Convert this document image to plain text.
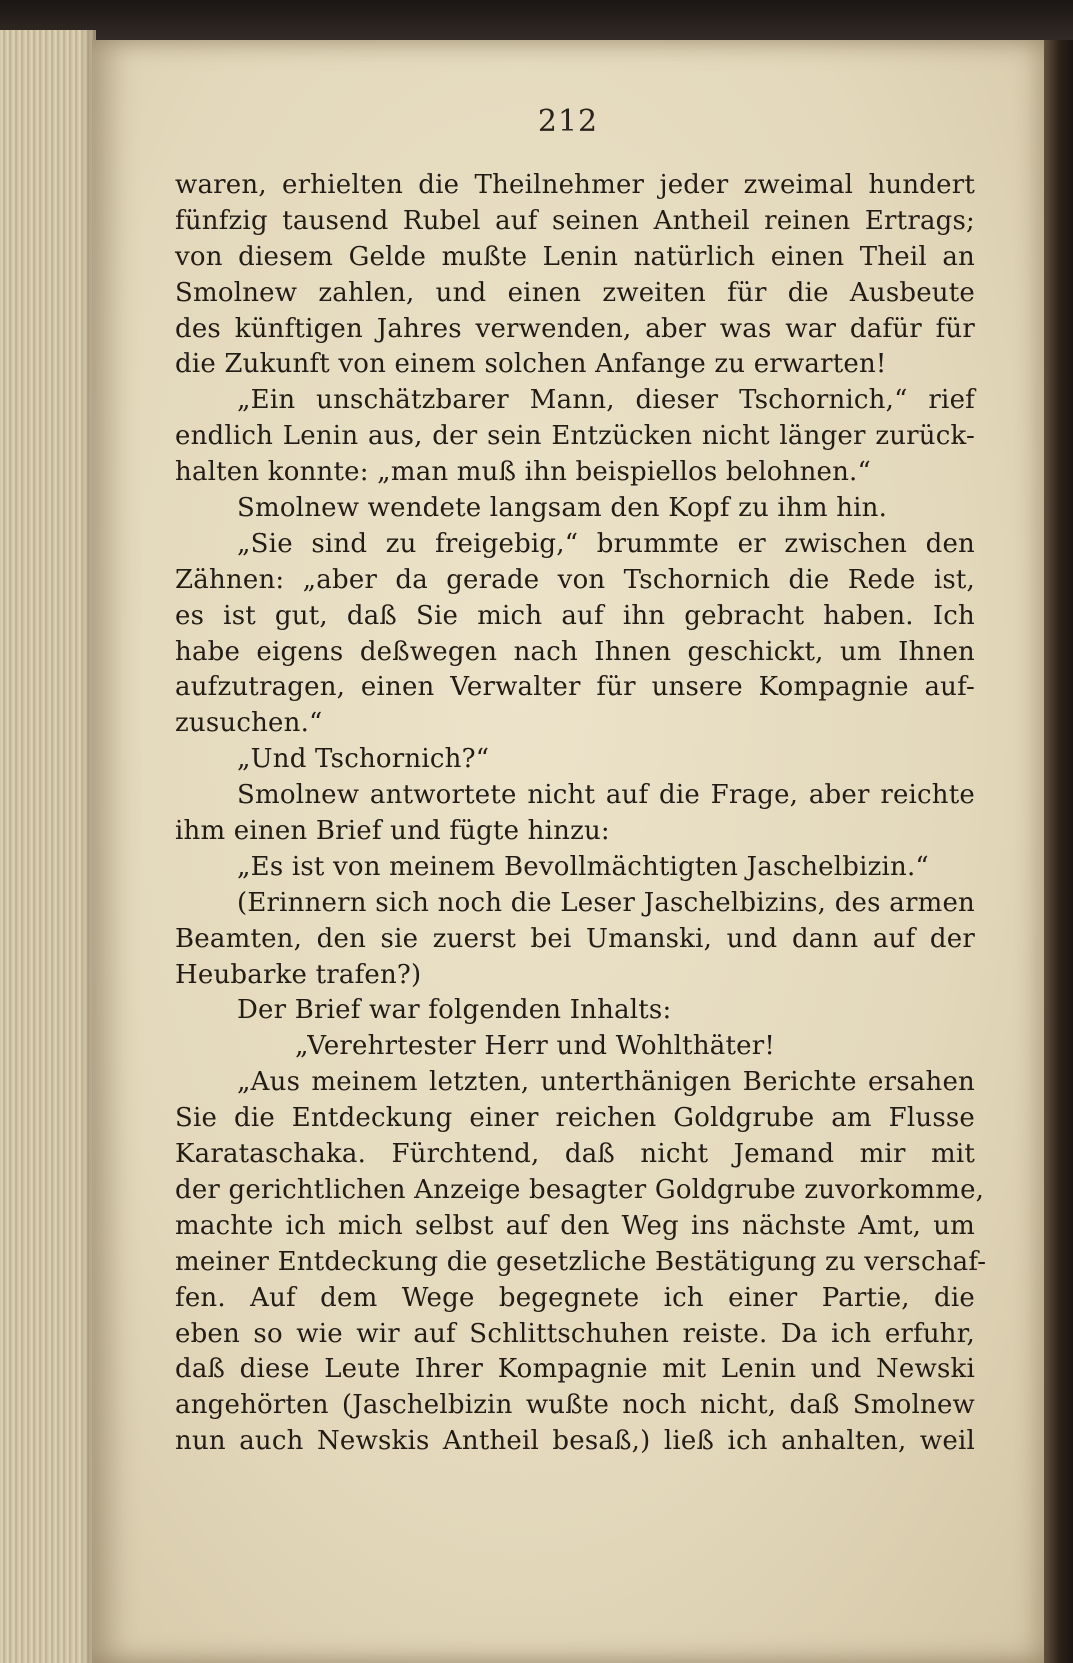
212
waren, erhielten die Theilnehmer jeder zweimal hundert
fünfzig tausend Rubel auf seinen Antheil reinen Ertrags;
von diesem Gelde mußte Lenin natürlich einen Theil an
Smolnew zahlen, und einen zweiten für die Ausbeute
des künftigen Jahres verwenden, aber was war dafür für
die Zukunft von einem solchen Anfange zu erwarten!
„Ein unschätzbarer Mann, dieser Tschornich,“ rief
endlich Lenin aus, der sein Entzücken nicht länger zurück-
halten konnte: „man muß ihn beispiellos belohnen.“
Smolnew wendete langsam den Kopf zu ihm hin.
„Sie sind zu freigebig,“ brummte er zwischen den
Zähnen: „aber da gerade von Tschornich die Rede ist,
es ist gut, daß Sie mich auf ihn gebracht haben. Ich
habe eigens deßwegen nach Ihnen geschickt, um Ihnen
aufzutragen, einen Verwalter für unsere Kompagnie auf-
zusuchen.“
„Und Tschornich?“
Smolnew antwortete nicht auf die Frage, aber reichte
ihm einen Brief und fügte hinzu:
„Es ist von meinem Bevollmächtigten Jaschelbizin.“
(Erinnern sich noch die Leser Jaschelbizins, des armen
Beamten, den sie zuerst bei Umanski, und dann auf der
Heubarke trafen?)
Der Brief war folgenden Inhalts:
„Verehrtester Herr und Wohlthäter!
„Aus meinem letzten, unterthänigen Berichte ersahen
Sie die Entdeckung einer reichen Goldgrube am Flusse
Karataschaka. Fürchtend, daß nicht Jemand mir mit
der gerichtlichen Anzeige besagter Goldgrube zuvorkomme,
machte ich mich selbst auf den Weg ins nächste Amt, um
meiner Entdeckung die gesetzliche Bestätigung zu verschaf-
fen. Auf dem Wege begegnete ich einer Partie, die
eben so wie wir auf Schlittschuhen reiste. Da ich erfuhr,
daß diese Leute Ihrer Kompagnie mit Lenin und Newski
angehörten (Jaschelbizin wußte noch nicht, daß Smolnew
nun auch Newskis Antheil besaß,) ließ ich anhalten, weil
